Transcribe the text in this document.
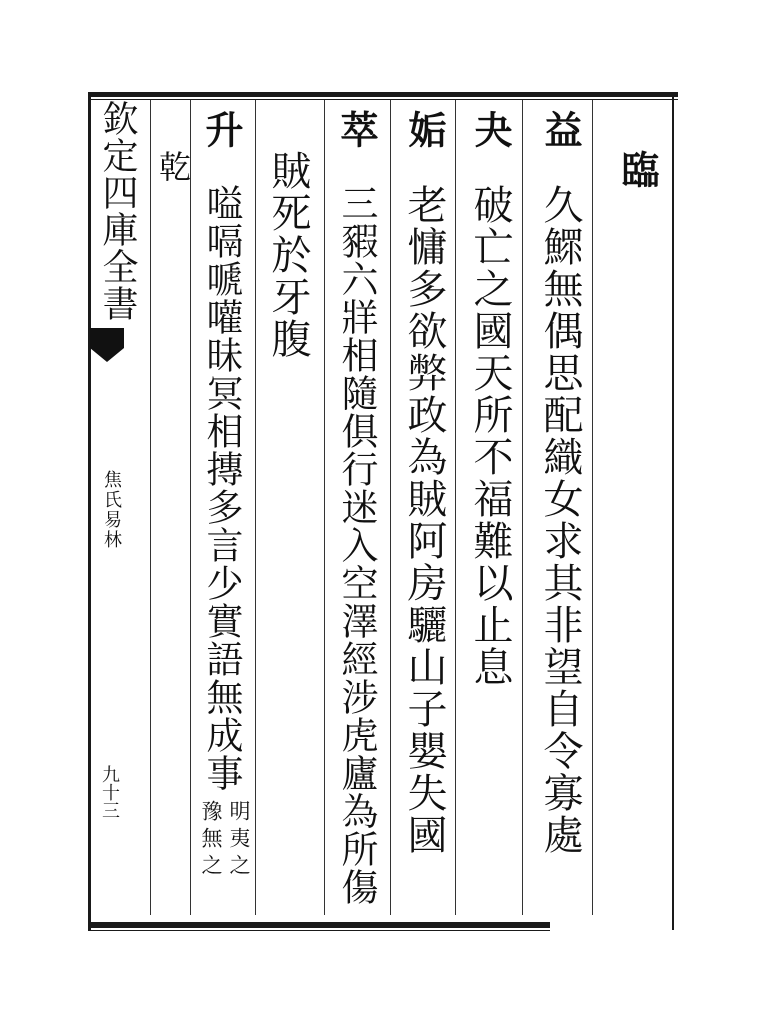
欽定四庫全書
焦氏易林
九十三
臨
益久鰥無偶思配織女求其非望自令寡處
夬破亡之國天所不福難以止息
姤老慵多欲弊政為賊阿房驪山子嬰失國
萃三豭六牂相隨俱行迷入空澤經涉虎廬為所傷
賊死於牙腹
升嗌嗝嗁嚾昧冥相摶多言少實語無成事
明夷之
豫無之
乾
